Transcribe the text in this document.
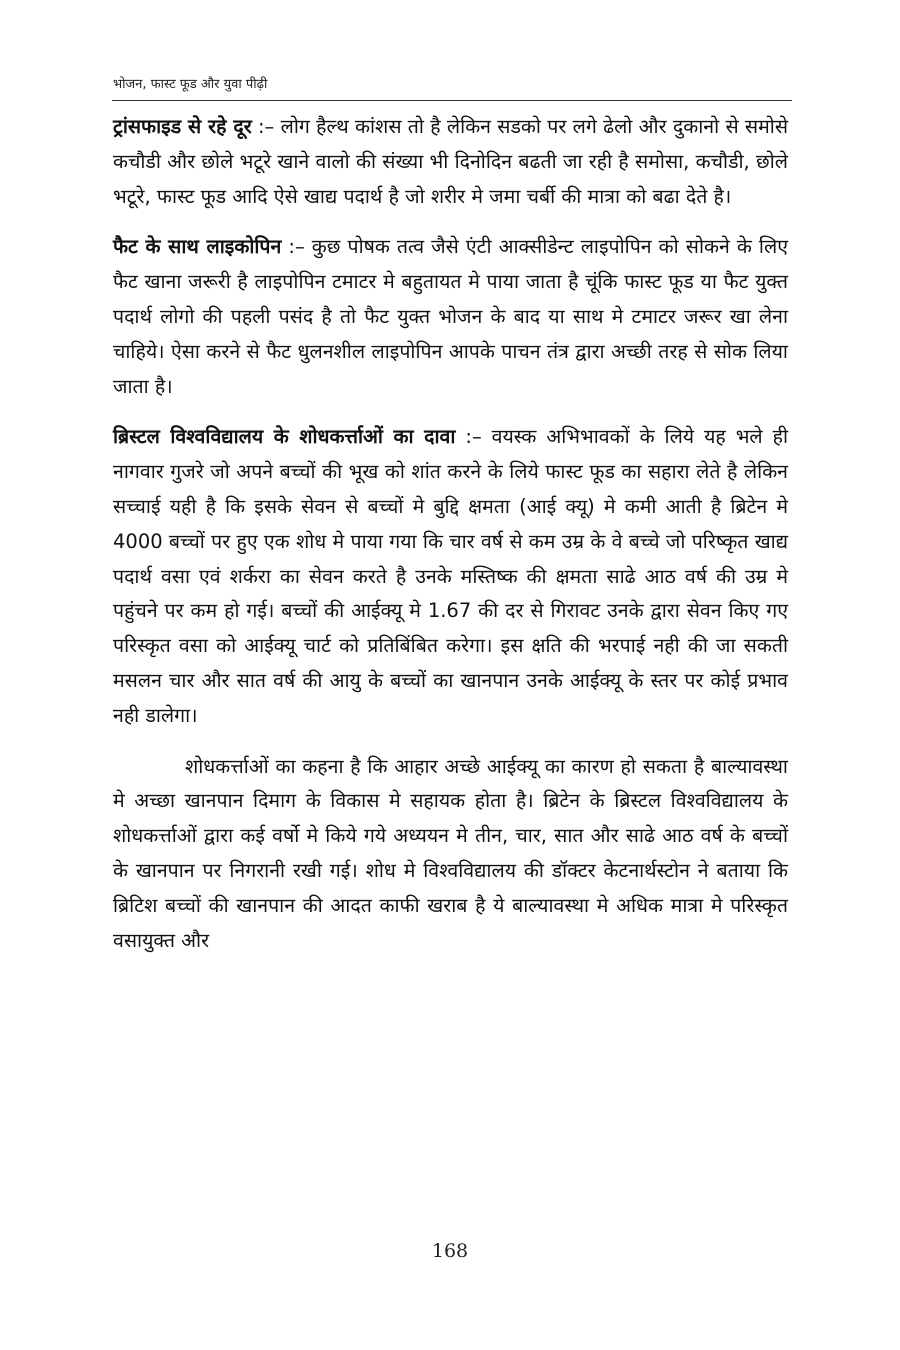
भोजन, फास्ट फूड और युवा पीढ़ी

ट्रांसफाइड से रहे दूर :– लोग हैल्थ कांशस तो है लेकिन सडको पर लगे ढेलो और दुकानो से समोसे कचौडी और छोले भटूरे खाने वालो की संख्या भी दिनोदिन बढती जा रही है समोसा, कचौडी, छोले भटूरे, फास्ट फूड आदि ऐसे खाद्य पदार्थ है जो शरीर मे जमा चर्बी की मात्रा को बढा देते है।

फैट के साथ लाइकोपिन :– कुछ पोषक तत्व जैसे एंटी आक्सीडेन्ट लाइपोपिन को सोकने के लिए फैट खाना जरूरी है लाइपोपिन टमाटर मे बहुतायत मे पाया जाता है चूंकि फास्ट फूड या फैट युक्त पदार्थ लोगो की पहली पसंद है तो फैट युक्त भोजन के बाद या साथ मे टमाटर जरूर खा लेना चाहिये। ऐसा करने से फैट धुलनशील लाइपोपिन आपके पाचन तंत्र द्वारा अच्छी तरह से सोक लिया जाता है।

ब्रिस्टल विश्वविद्यालय के शोधकर्त्ताओं का दावा :– वयस्क अभिभावकों के लिये यह भले ही नागवार गुजरे जो अपने बच्चों की भूख को शांत करने के लिये फास्ट फूड का सहारा लेते है लेकिन सच्चाई यही है कि इसके सेवन से बच्चों मे बुद्दि क्षमता (आई क्यू) मे कमी आती है ब्रिटेन मे 4000 बच्चों पर हुए एक शोध मे पाया गया कि चार वर्ष से कम उम्र के वे बच्चे जो परिष्कृत खाद्य पदार्थ वसा एवं शर्करा का सेवन करते है उनके मस्तिष्क की क्षमता साढे आठ वर्ष की उम्र मे पहुंचने पर कम हो गई। बच्चों की आईक्यू मे 1.67 की दर से गिरावट उनके द्वारा सेवन किए गए परिस्कृत वसा को आईक्यू चार्ट को प्रतिबिंबित करेगा। इस क्षति की भरपाई नही की जा सकती मसलन चार और सात वर्ष की आयु के बच्चों का खानपान उनके आईक्यू के स्तर पर कोई प्रभाव नही डालेगा।

शोधकर्त्ताओं का कहना है कि आहार अच्छे आईक्यू का कारण हो सकता है बाल्यावस्था मे अच्छा खानपान दिमाग के विकास मे सहायक होता है। ब्रिटेन के ब्रिस्टल विश्वविद्यालय के शोधकर्त्ताओं द्वारा कई वर्षो मे किये गये अध्ययन मे तीन, चार, सात और साढे आठ वर्ष के बच्चों के खानपान पर निगरानी रखी गई। शोध मे विश्वविद्यालय की डॉक्टर केटनार्थस्टोन ने बताया कि ब्रिटिश बच्चों की खानपान की आदत काफी खराब है ये बाल्यावस्था मे अधिक मात्रा मे परिस्कृत वसायुक्त और

168
